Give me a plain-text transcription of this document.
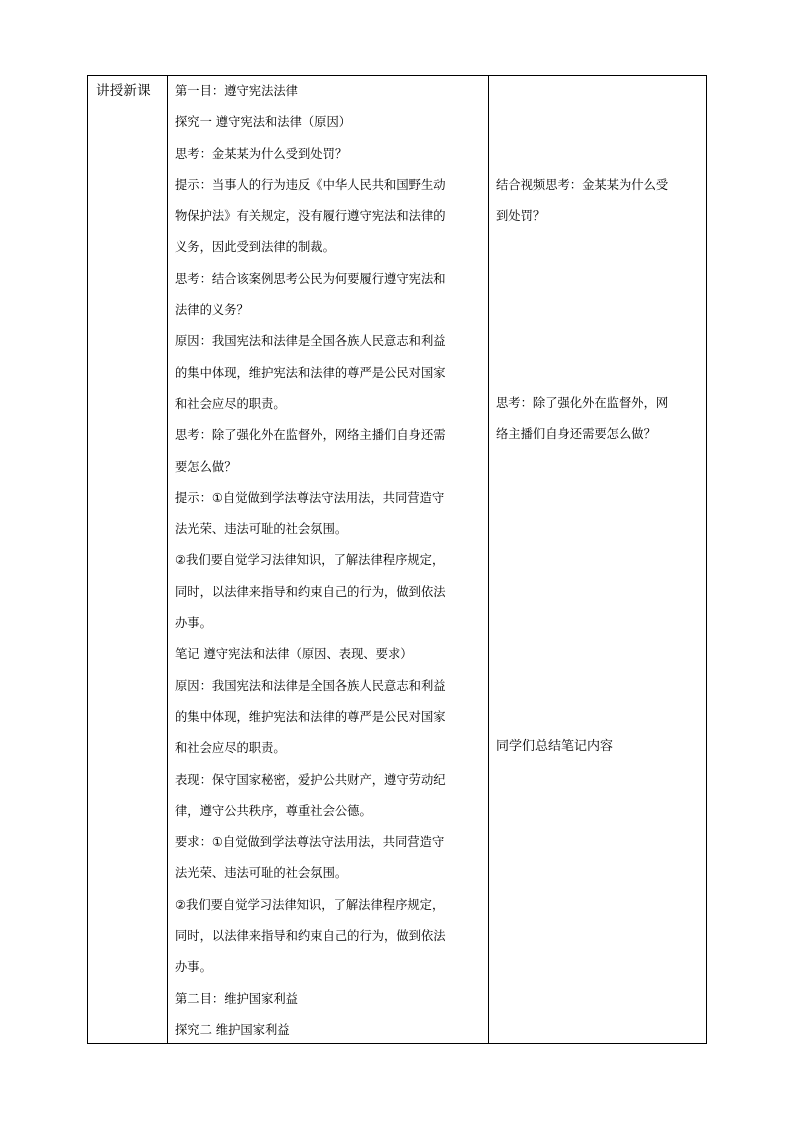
讲授新课 第一目：遵守宪法法律
探究一 遵守宪法和法律（原因）
思考：金某某为什么受到处罚？
提示：当事人的行为违反《中华人民共和国野生动
物保护法》有关规定，没有履行遵守宪法和法律的
义务，因此受到法律的制裁。
思考：结合该案例思考公民为何要履行遵守宪法和
法律的义务？
原因：我国宪法和法律是全国各族人民意志和利益
的集中体现，维护宪法和法律的尊严是公民对国家
和社会应尽的职责。
思考：除了强化外在监督外，网络主播们自身还需
要怎么做？
提示：①自觉做到学法尊法守法用法，共同营造守
法光荣、违法可耻的社会氛围。
②我们要自觉学习法律知识，了解法律程序规定，
同时，以法律来指导和约束自己的行为，做到依法
办事。
笔记 遵守宪法和法律（原因、表现、要求）
原因：我国宪法和法律是全国各族人民意志和利益
的集中体现，维护宪法和法律的尊严是公民对国家
和社会应尽的职责。
表现：保守国家秘密，爱护公共财产，遵守劳动纪
律，遵守公共秩序，尊重社会公德。
要求：①自觉做到学法尊法守法用法，共同营造守
法光荣、违法可耻的社会氛围。
②我们要自觉学习法律知识，了解法律程序规定，
同时，以法律来指导和约束自己的行为，做到依法
办事。
第二目：维护国家利益
探究二 维护国家利益
结合视频思考：金某某为什么受
到处罚？
思考：除了强化外在监督外，网
络主播们自身还需要怎么做？
同学们总结笔记内容
